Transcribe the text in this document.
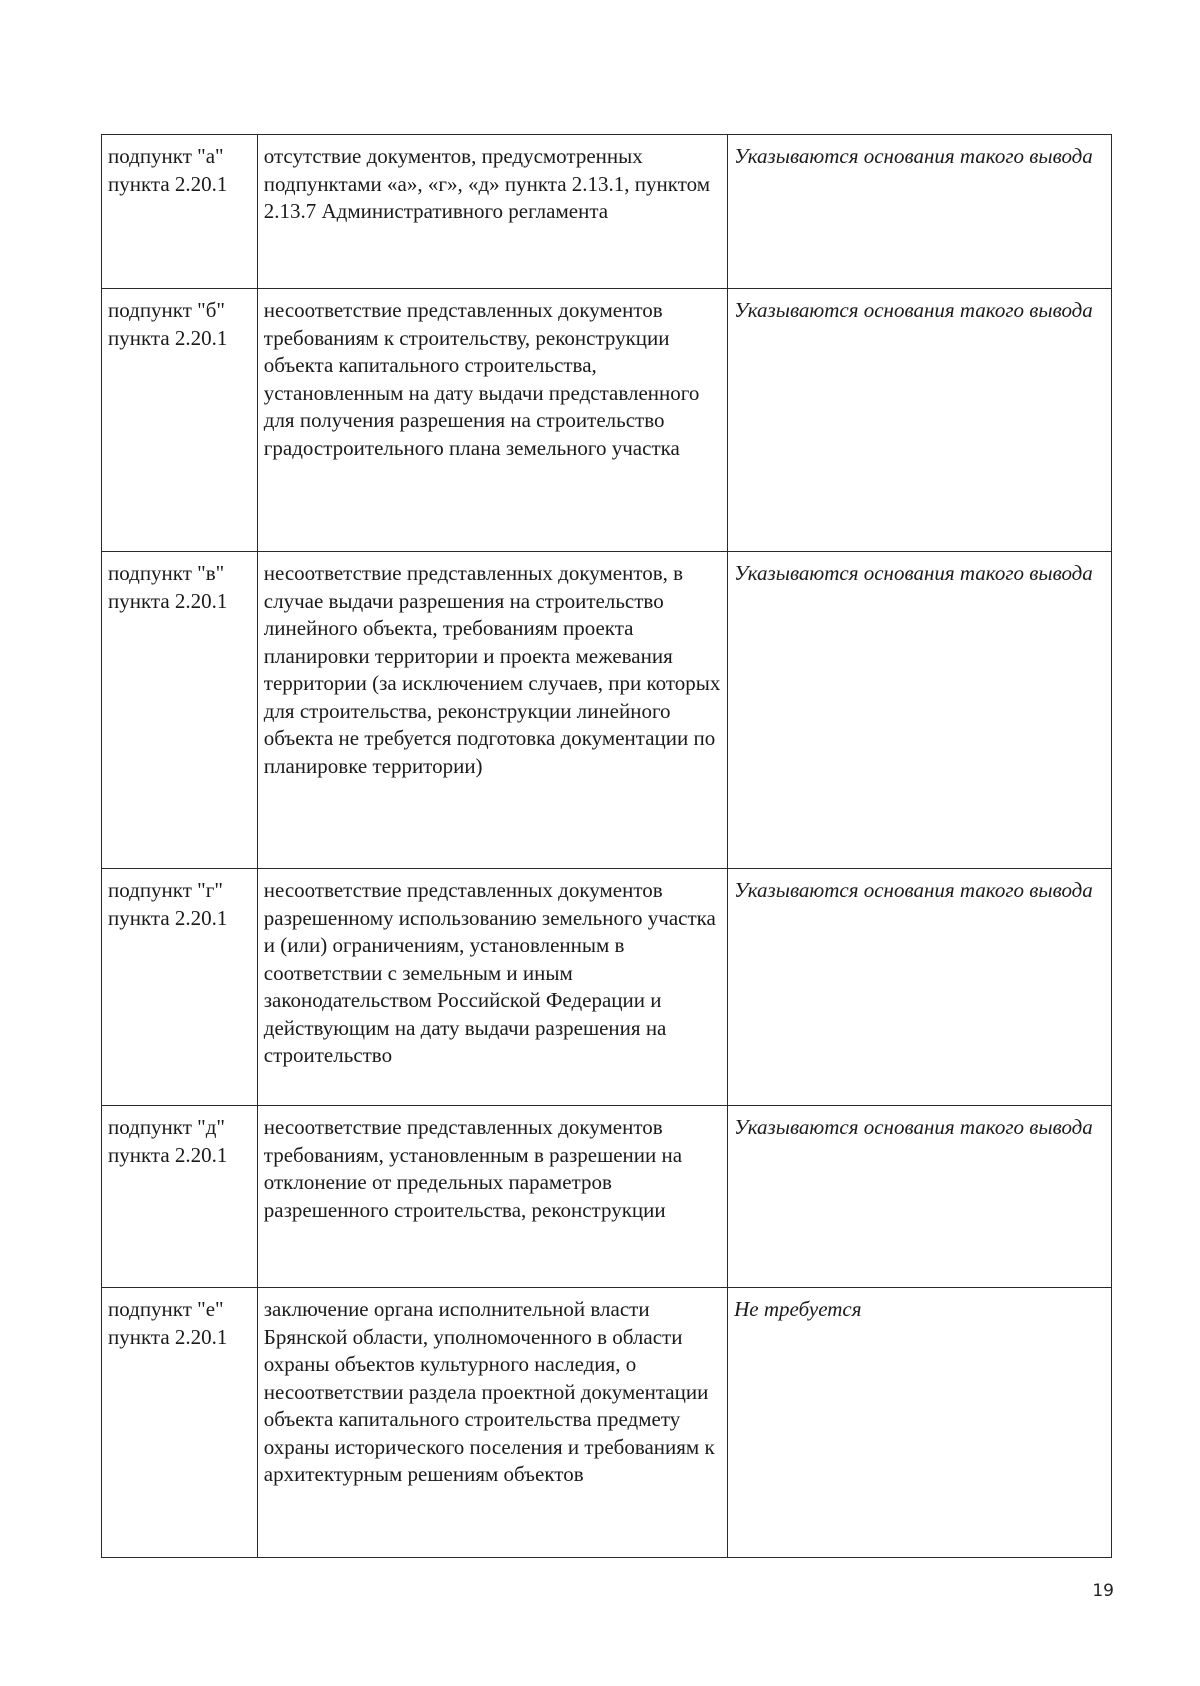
подпункт "а" пункта 2.20.1	отсутствие документов, предусмотренных подпунктами «а», «г», «д» пункта 2.13.1, пунктом 2.13.7 Административного регламента	Указываются основания такого вывода
подпункт "б" пункта 2.20.1	несоответствие представленных документов требованиям к строительству, реконструкции объекта капитального строительства, установленным на дату выдачи представленного для получения разрешения на строительство градостроительного плана земельного участка	Указываются основания такого вывода
подпункт "в" пункта 2.20.1	несоответствие представленных документов, в случае выдачи разрешения на строительство линейного объекта, требованиям проекта планировки территории и проекта межевания территории (за исключением случаев, при которых для строительства, реконструкции линейного объекта не требуется подготовка документации по планировке территории)	Указываются основания такого вывода
подпункт "г" пункта 2.20.1	несоответствие представленных документов разрешенному использованию земельного участка и (или) ограничениям, установленным в соответствии с земельным и иным законодательством Российской Федерации и действующим на дату выдачи разрешения на строительство	Указываются основания такого вывода
подпункт "д" пункта 2.20.1	несоответствие представленных документов требованиям, установленным в разрешении на отклонение от предельных параметров разрешенного строительства, реконструкции	Указываются основания такого вывода
подпункт "е" пункта 2.20.1	заключение органа исполнительной власти Брянской области, уполномоченного в области охраны объектов культурного наследия, о несоответствии раздела проектной документации объекта капитального строительства предмету охраны исторического поселения и требованиям к архитектурным решениям объектов	Не требуется
19
